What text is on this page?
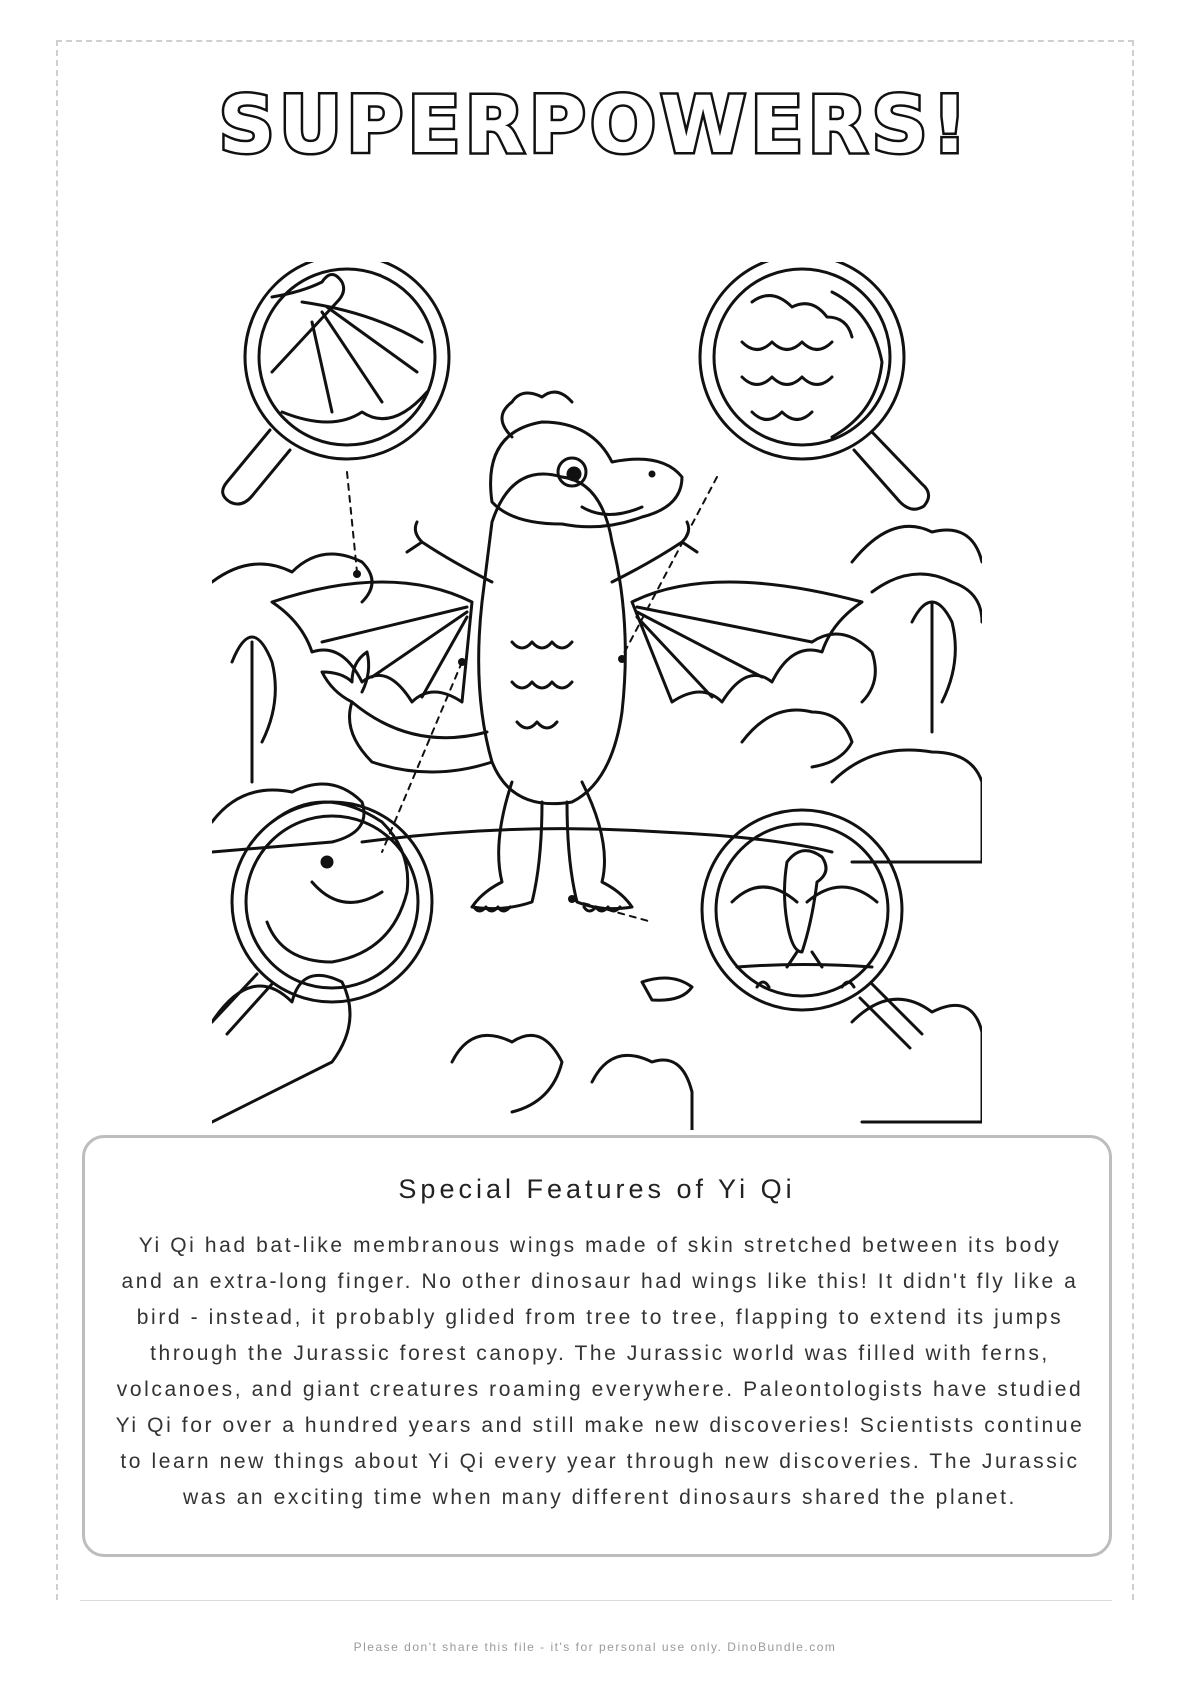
SUPERPOWERS!
Special Features of Yi Qi
Yi Qi had bat-like membranous wings made of skin stretched between its body and an extra-long finger. No other dinosaur had wings like this! It didn't fly like a bird - instead, it probably glided from tree to tree, flapping to extend its jumps through the Jurassic forest canopy. The Jurassic world was filled with ferns, volcanoes, and giant creatures roaming everywhere. Paleontologists have studied Yi Qi for over a hundred years and still make new discoveries! Scientists continue to learn new things about Yi Qi every year through new discoveries. The Jurassic was an exciting time when many different dinosaurs shared the planet.
Please don't share this file - it's for personal use only. DinoBundle.com
